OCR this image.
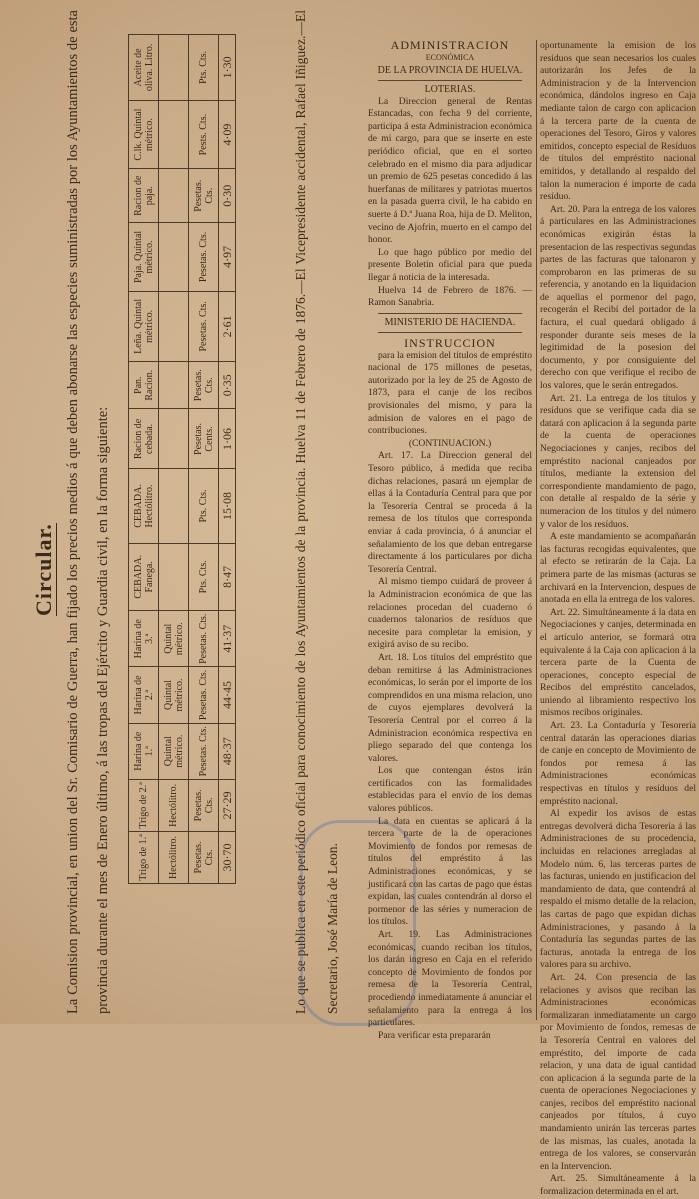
Circular. La Comision provincial, en union del Sr. Comisario de Guerra, han fijado los precios medios á que deben abonarse las especies suministradas por los Ayuntamientos de esta provincia durante el mes de Enero último, á las tropas del Ejército y Guardia civil, en la forma siguiente:	Trigo de 1.ª	Trigo de 2.ª	Harina de 1.ª	Harina de 2.ª	Harina de 3.ª	CEBADA. Fanega.	CEBADA. Hectólitro.	Racion de cebada.	Pan. Racion.	Leña. Quintal métrico.	Paja. Quintal métrico.	Racion de paja.	C.lk. Quintal métrico.	Aceite de oliva. Litro.
Hectólitro.	Hectólitro.	Quintal métrico.	Quintal métrico.	Quintal métrico.									
Pesetas. Cts.	Pesetas. Cts.	Pesetas. Cts.	Pesetas. Cts.	Pesetas. Cts.	Pts. Cts.	Pts. Cts.	Pesetas. Cents.	Pesetas. Cts.	Pesetas. Cts.	Pesetas. Cts.	Pesetas. Cts.	Pests. Cts.	Pts. Cts.
30·70	27·29	48·37	44·45	41·37	8·47	15·08	1·06	0·35	2·61	4·97	0·30	4·09	1·30	Lo que se publica en este periódico oficial para conocimiento de los Ayuntamientos de la provincia. Huelva 11 de Febrero de 1876.—El Vicepresidente accidental, Rafael Iñiguez.—El Secretario, José María de Leon.
ADMINISTRACION
ECONÓMICA
DE LA PROVINCIA DE HUELVA.
LOTERIAS.

La Direccion general de Rentas Estancadas, con fecha 9 del corriente, participa á esta Administracion económica de mi cargo, para que se inserte en este periódico oficial, que en el sorteo celebrado en el mismo dia para adjudicar un premio de 625 pesetas concedido á las huerfanas de militares y patriotas muertos en la pasada guerra civil, le ha cabido en suerte á D.ª Juana Roa, hija de D. Meliton, vecino de Ajofrin, muerto en el campo del honor.

Lo que hago público por medio del presente Boletin oficial para que pueda llegar á noticia de la interesada.

Huelva 14 de Febrero de 1876. —Ramon Sanabria.

MINISTERIO DE HACIENDA.
INSTRUCCION

para la emision del títulos de empréstito nacional de 175 millones de pesetas, autorizado por la ley de 25 de Agosto de 1873, para el canje de los recibos provisionales del mismo, y para la admision de valores en el pago de contribuciones.

(CONTINUACION.)

Art. 17. La Direccion general del Tesoro público, á medida que reciba dichas relaciones, pasará un ejemplar de ellas á la Contaduría Central para que por la Tesorería Central se proceda á la remesa de los títulos que corresponda enviar á cada provincia, ó á anunciar el señalamiento de los que deban entregarse directamente á los particulares por dicha Tesorería Central.

Al mismo tiempo cuidará de proveer á la Administracion económica de que las relaciones procedan del cuaderno ó cuadernos talonarios de resíduos que necesite para completar la emision, y exigirá aviso de su recibo.

Art. 18. Los títulos del empréstito que deban remitirse á las Administraciones económicas, lo serán por el importe de los comprendidos en una misma relacion, uno de cuyos ejemplares devolverá la Tesorería Central por el correo á la Administracion económica respectiva en pliego separado del que contenga los valores.

Los que contengan éstos irán certificados con las formalidades establecidas para el envío de los demas valores públicos.

La data en cuentas se aplicará á la tercera parte de la de operaciones Movimiento de fondos por remesas de títulos del empréstito á las Administraciones económicas, y se justificará con las cartas de pago que éstas expidan, las cuales contendrán al dorso el pormenor de las séries y numeracion de los títulos.

Art. 19. Las Administraciones económicas, cuando reciban los títulos, los darán ingreso en Caja en el referido concepto de Movimiento de fondos por remesa de la Tesorería Central, procediendo inmediatamente á anunciar el señalamiento para la entrega á los particulares.

Para verificar esta prepararán

oportunamente la emision de los resíduos que sean necesarios los cuales autorizarán los Jefes de la Administracion y de la Intervencion económica, dándolos ingreso en Caja mediante talon de cargo con aplicacion á la tercera parte de la cuenta de operaciones del Tesoro, Giros y valores emitidos, concepto especial de Resíduos de títulos del empréstito nacional emitidos, y detallando al respaldo del talon la numeracion é importe de cada resíduo.

Art. 20. Para la entrega de los valores á particulares en las Administraciones económicas exigirán éstas la presentacion de las respectivas segundas partes de las facturas que talonaron y comprobaron en las primeras de su referencia, y anotando en la liquidacion de aquellas el pormenor del pago, recogerán el Recibí del portador de la factura, el cual quedará obligado á responder durante seis meses de la legitimidad de la posesion del documento, y por consiguiente del derecho con que verifique el recibo de los valores, que le serán entregados.

Art. 21. La entrega de los títulos y resíduos que se verifique cada dia se datará con aplicacion á la segunda parte de la cuenta de operaciones Negociaciones y canjes, recibos del empréstito nacional canjeados por títulos, mediante la extension del correspondiente mandamiento de pago, con detalle al respaldo de la série y numeracion de los títulos y del número y valor de los resíduos.

A este mandamiento se acompañarán las facturas recogidas equivalentes, que al efecto se retirarán de la Caja. La primera parte de las mismas (acturas se archivará en la Intervencion, despues de anotada en ella la entrega de los valores.

Art. 22. Simultáneamente á la data en Negociaciones y canjes, determinada en el artículo anterior, se formará otra equivalente á la Caja con aplicacion á la tercera parte de la Cuenta de operaciones, concepto especial de Recibos del empréstito cancelados, uniendo al libramiento respectivo los mismos recibos originales.

Art. 23. La Contaduría y Tesorería central datarán las operaciones diarias de canje en concepto de Movimiento de fondos por remesa á las Administraciones económicas respectivas en títulos y resíduos del empréstito nacional.

Al expedir los avisos de estas entregas devolverá dicha Tesorería á las Administraciones de su procedencia, incluidas en relaciones arregladas al Modelo núm. 6, las terceras partes de las facturas, uniendo en justificacion del mandamiento de data, que contendrá al respaldo el mismo detalle de la relacion, las cartas de pago que expidan dichas Administraciones, y pasando á la Contaduría las segundas partes de las facturas, anotada la entrega de los valores para su archivo.

Art. 24. Con presencia de las relaciones y avisos que reciban las Administraciones económicas formalizaran inmediatamente un cargo por Movimiento de fondos, remesas de la Tesorería Central en valores del empréstito, del importe de cada relacion, y una data de igual cantidad con aplicacion á la segunda parte de la cuenta de operaciones Negociaciones y canjes, recibos del empréstito nacional canjeados por títulos, á cuyo mandamiento unirán las terceras partes de las mismas, las cuales, anotada la entrega de los valores, se conservarán en la Intervencion.

Art. 25. Simultáneamente á la formalizacion determinada en el art.
